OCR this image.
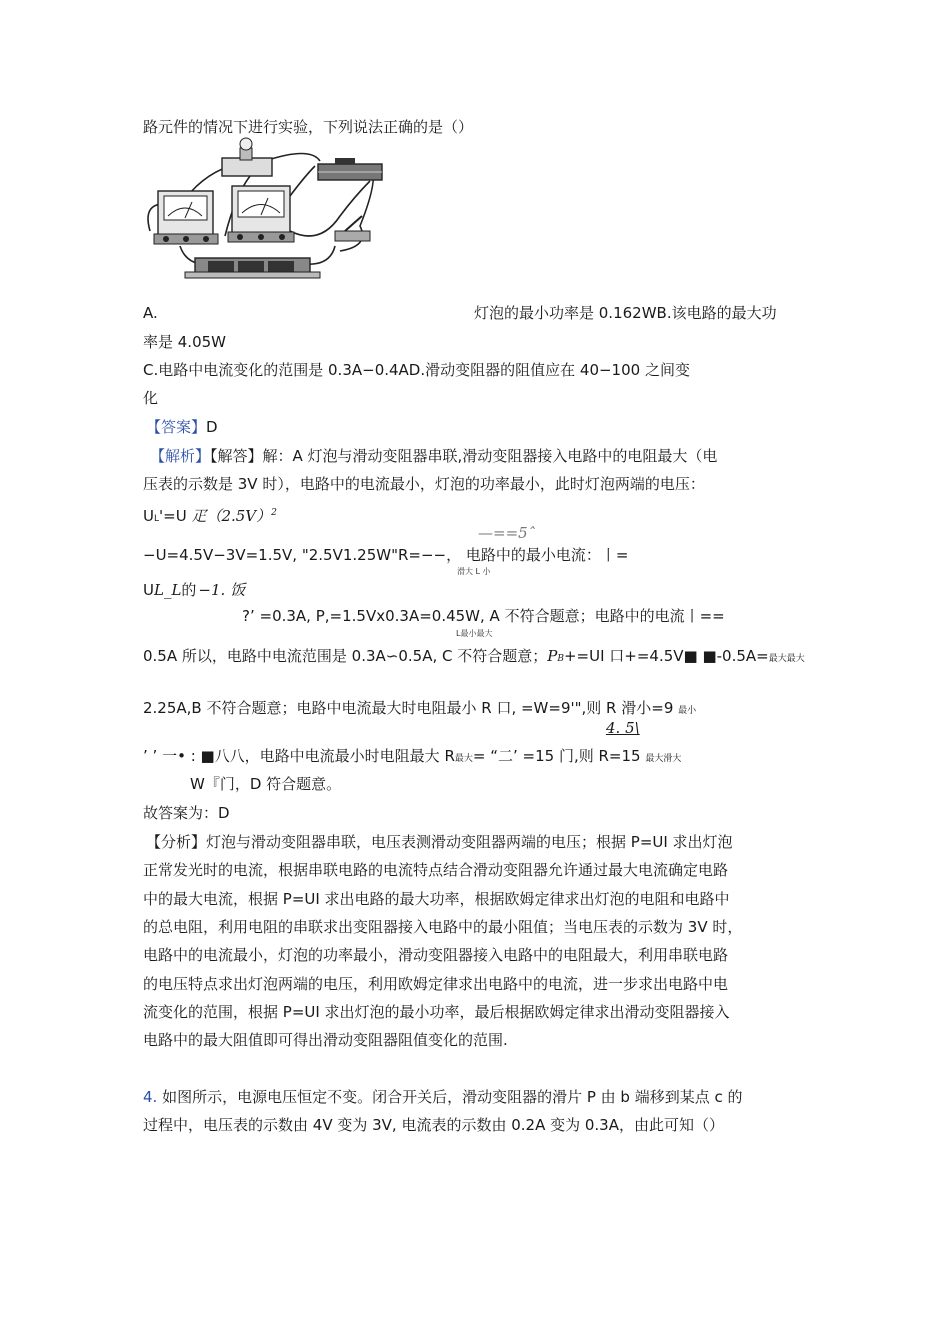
路元件的情况下进行实验，下列说法正确的是（）
A.	灯泡的最小功率是 0.162WB.该电路的最大功
率是 4.05W
C.电路中电流变化的范围是 0.3A−0.4AD.滑动变阻器的阻值应在 40−100 之间变
化
【答案】D
【解析】【解答】解：A 灯泡与滑动变阻器串联,滑动变阻器接入电路中的电阻最大（电
压表的示数是 3V 时），电路中的电流最小，灯泡的功率最小，此时灯泡两端的电压：
UL'=U 疋$(2.5V)^2$
—==5ˆ
−U=4.5V−3V=1.5V, "2.5V1.25W"R=−−， 电路中的最小电流：丨=
滑大 L 小
UL_L的 −1. 饭
?’ =0.3A, P,=1.5Vx0.3A=0.45W, A 不符合题意；电路中的电流丨==
L最小最大
0.5A 所以，电路中电流范围是 0.3A∽0.5A, C 不符合题意；PB+=UI 口+=4.5V■ ■-0.5A=最大最大
2.25A,B 不符合题意；电路中电流最大时电阻最小 R 口, =W=9'",则 R 滑小=9 最小
4. 5\
’ ’ 一• : ■八八，电路中电流最小时电阻最大 R最大= “二’ =15 门,则 R=15 最大滑大
W『门，D 符合题意。
故答案为：D
【分析】灯泡与滑动变阻器串联，电压表测滑动变阻器两端的电压；根据 P=UI 求出灯泡
正常发光时的电流，根据串联电路的电流特点结合滑动变阻器允许通过最大电流确定电路
中的最大电流，根据 P=UI 求出电路的最大功率，根据欧姆定律求出灯泡的电阻和电路中
的总电阻，利用电阻的串联求出变阻器接入电路中的最小阻值；当电压表的示数为 3V 时，
电路中的电流最小，灯泡的功率最小，滑动变阻器接入电路中的电阻最大，利用串联电路
的电压特点求出灯泡两端的电压，利用欧姆定律求出电路中的电流，进一步求出电路中电
流变化的范围，根据 P=UI 求出灯泡的最小功率，最后根据欧姆定律求出滑动变阻器接入
电路中的最大阻值即可得出滑动变阻器阻值变化的范围.
4. 如图所示，电源电压恒定不变。闭合开关后，滑动变阻器的滑片 P 由 b 端移到某点 c 的
过程中，电压表的示数由 4V 变为 3V, 电流表的示数由 0.2A 变为 0.3A，由此可知（）
